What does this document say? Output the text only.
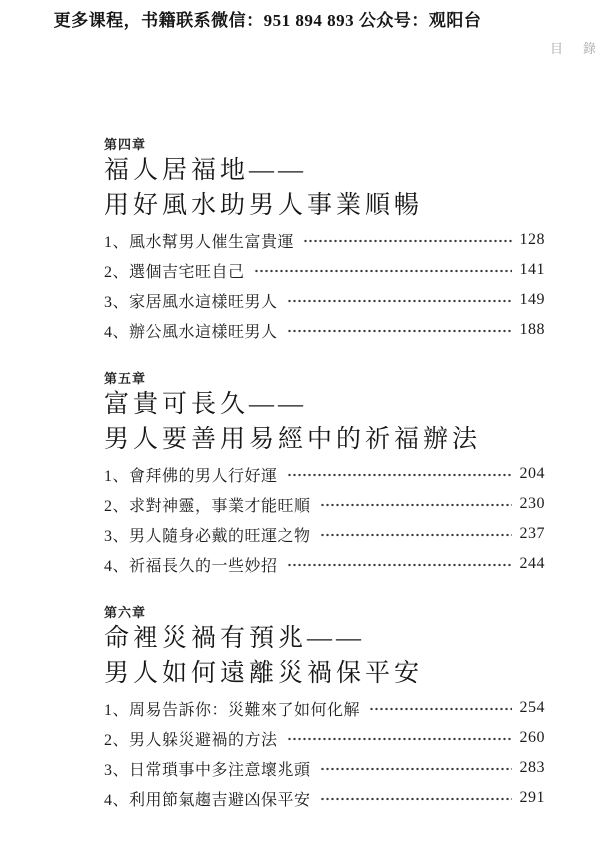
更多课程，书籍联系微信：951 894 893 公众号：观阳台
目 錄
第四章
福人居福地——
用好風水助男人事業順暢
1、風水幫男人催生富貴運	128
2、選個吉宅旺自己	141
3、家居風水這樣旺男人	149
4、辦公風水這樣旺男人	188
第五章
富貴可長久——
男人要善用易經中的祈福辦法
1、會拜佛的男人行好運	204
2、求對神靈，事業才能旺順	230
3、男人隨身必戴的旺運之物	237
4、祈福長久的一些妙招	244
第六章
命裡災禍有預兆——
男人如何遠離災禍保平安
1、周易告訴你：災難來了如何化解	254
2、男人躲災避禍的方法	260
3、日常瑣事中多注意壞兆頭	283
4、利用節氣趨吉避凶保平安	291
